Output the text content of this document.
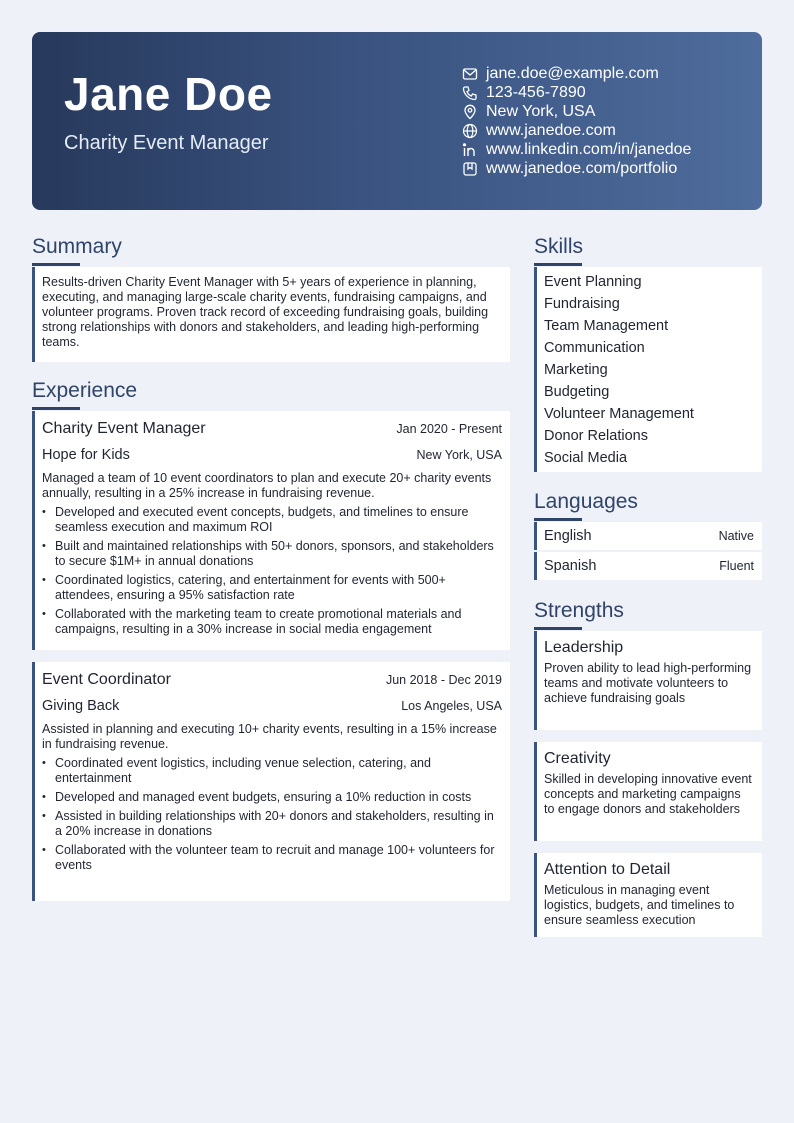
Jane Doe
Charity Event Manager
jane.doe@example.com
123-456-7890
New York, USA
www.janedoe.com
www.linkedin.com/in/janedoe
www.janedoe.com/portfolio
Summary
Results-driven Charity Event Manager with 5+ years of experience in planning, executing, and managing large-scale charity events, fundraising campaigns, and volunteer programs. Proven track record of exceeding fundraising goals, building strong relationships with donors and stakeholders, and leading high-performing teams.
Experience
Charity Event Manager	Jan 2020 - Present
Hope for Kids	New York, USA
Managed a team of 10 event coordinators to plan and execute 20+ charity events annually, resulting in a 25% increase in fundraising revenue.
• Developed and executed event concepts, budgets, and timelines to ensure seamless execution and maximum ROI
• Built and maintained relationships with 50+ donors, sponsors, and stakeholders to secure $1M+ in annual donations
• Coordinated logistics, catering, and entertainment for events with 500+ attendees, ensuring a 95% satisfaction rate
• Collaborated with the marketing team to create promotional materials and campaigns, resulting in a 30% increase in social media engagement
Event Coordinator	Jun 2018 - Dec 2019
Giving Back	Los Angeles, USA
Assisted in planning and executing 10+ charity events, resulting in a 15% increase in fundraising revenue.
• Coordinated event logistics, including venue selection, catering, and entertainment
• Developed and managed event budgets, ensuring a 10% reduction in costs
• Assisted in building relationships with 20+ donors and stakeholders, resulting in a 20% increase in donations
• Collaborated with the volunteer team to recruit and manage 100+ volunteers for events
Skills
Event Planning
Fundraising
Team Management
Communication
Marketing
Budgeting
Volunteer Management
Donor Relations
Social Media
Languages
English	Native
Spanish	Fluent
Strengths
Leadership
Proven ability to lead high-performing teams and motivate volunteers to achieve fundraising goals
Creativity
Skilled in developing innovative event concepts and marketing campaigns to engage donors and stakeholders
Attention to Detail
Meticulous in managing event logistics, budgets, and timelines to ensure seamless execution
